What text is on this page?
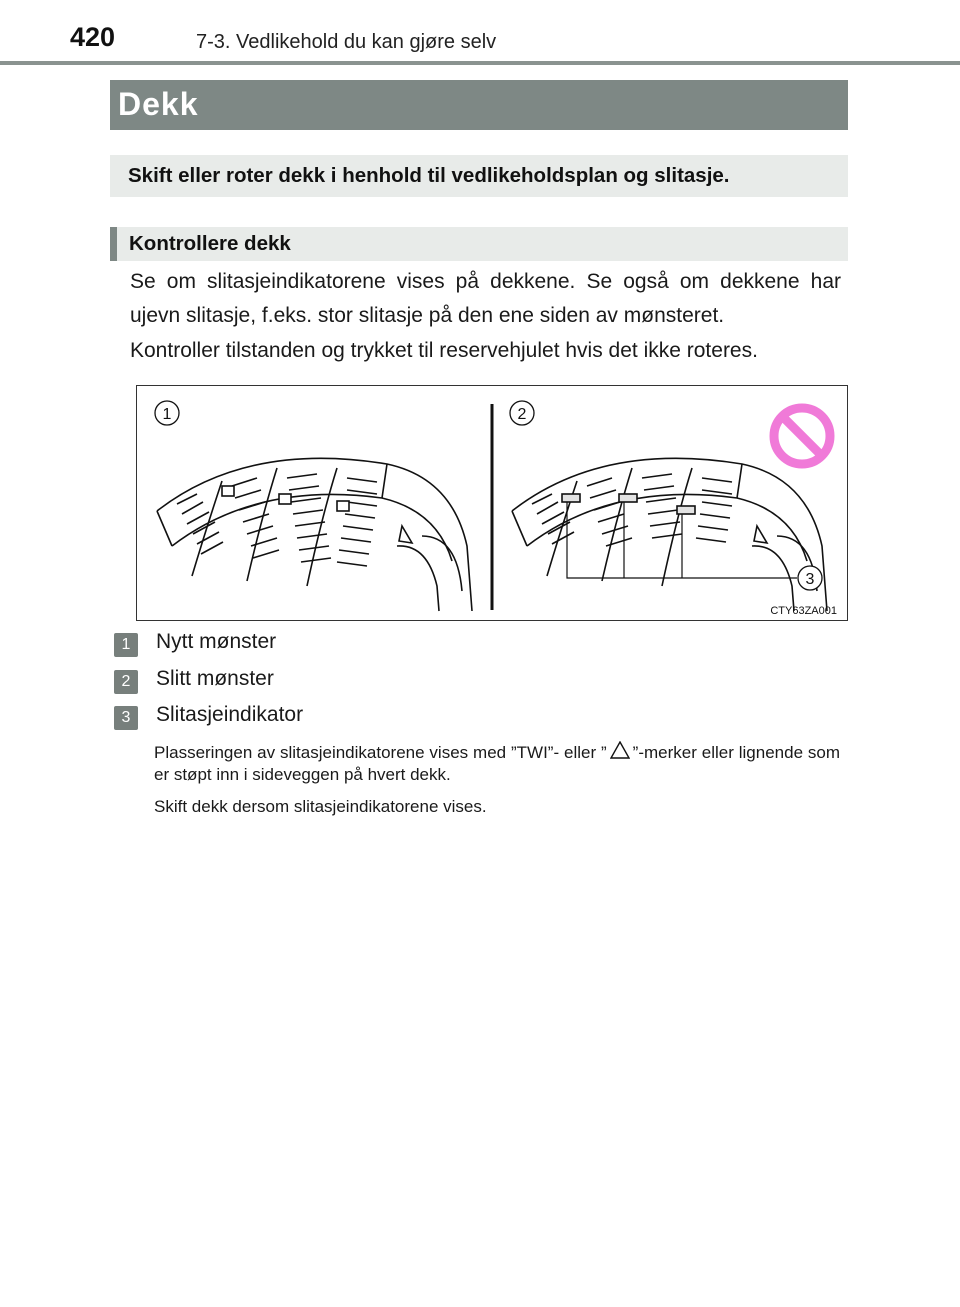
420	7-3. Vedlikehold du kan gjøre selv
Dekk
Skift eller roter dekk i henhold til vedlikeholdsplan og slitasje.
Kontrollere dekk

Se om slitasjeindikatorene vises på dekkene. Se også om dekkene har ujevn slitasje, f.eks. stor slitasje på den ene siden av mønsteret.

Kontroller tilstanden og trykket til reservehjulet hvis det ikke roteres.

1	2
3
CTY63ZA001
1	Nytt mønster
2	Slitt mønster
3	Slitasjeindikator

Plasseringen av slitasjeindikatorene vises med ”TWI”- eller ” ”-merker eller lignende som er støpt inn i sideveggen på hvert dekk.

Skift dekk dersom slitasjeindikatorene vises.
